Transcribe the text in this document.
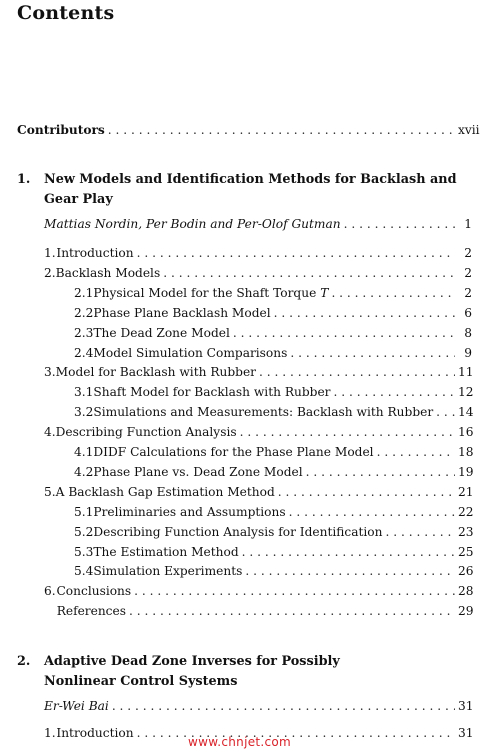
Contents
Contributors . . .	xvii
1. New Models and Identification Methods for Backlash and
Gear Play
Mattias Nordin, Per Bodin and Per-Olof Gutman . . .	1
1. Introduction . . .	2
2. Backlash Models . . .	2
2.1 Physical Model for the Shaft Torque T . . .	2
2.2 Phase Plane Backlash Model . . .	6
2.3 The Dead Zone Model . . .	8
2.4 Model Simulation Comparisons . . .	9
3. Model for Backlash with Rubber . . .	11
3.1 Shaft Model for Backlash with Rubber . . .	12
3.2 Simulations and Measurements: Backlash with Rubber . . . 14
4. Describing Function Analysis . . .	16
4.1 DIDF Calculations for the Phase Plane Model . . .	18
4.2 Phase Plane vs. Dead Zone Model . . .	19
5. A Backlash Gap Estimation Method . . .	21
5.1 Preliminaries and Assumptions . . .	22
5.2 Describing Function Analysis for Identification . . .	23
5.3 The Estimation Method . . .	25
5.4 Simulation Experiments . . .	26
6. Conclusions . . .	28
References . . .	29
2. Adaptive Dead Zone Inverses for Possibly
Nonlinear Control Systems
Er-Wei Bai . . .	31
1. Introduction . . .	31
www.chnjet.com
